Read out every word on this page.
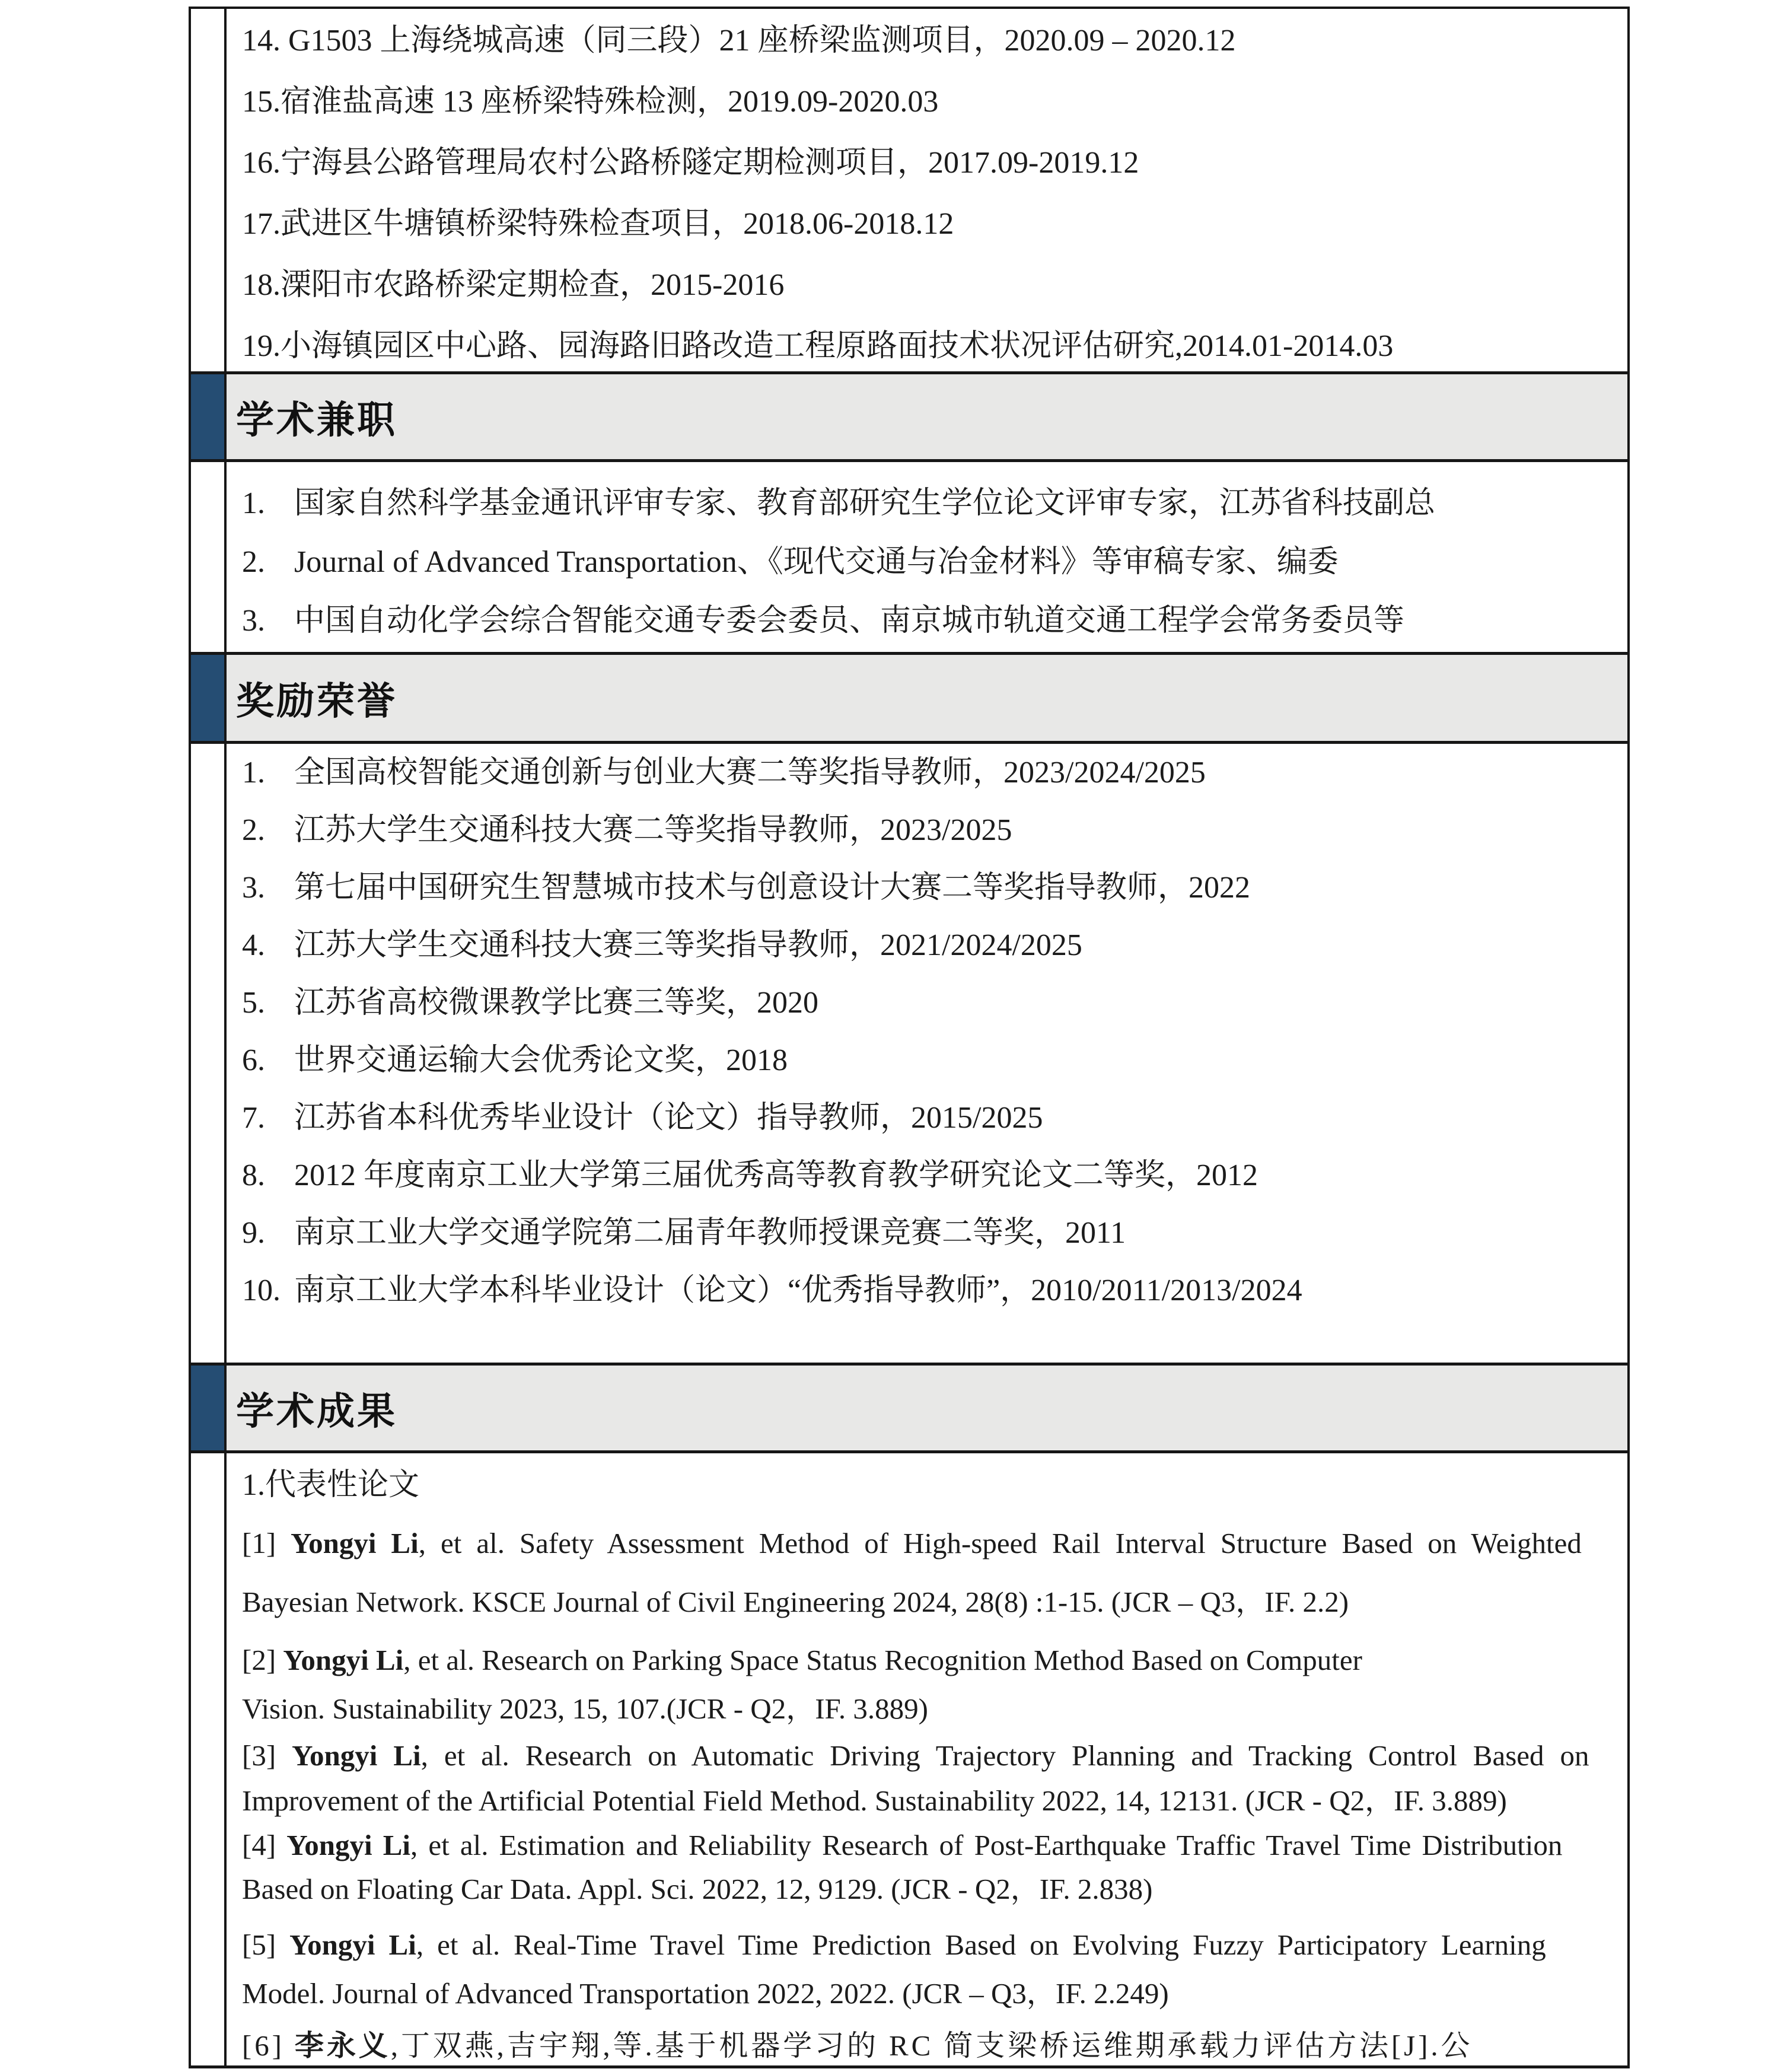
14. G1503 上海绕城高速（同三段）21 座桥梁监测项目，2020.09 – 2020.12
15.宿淮盐高速 13 座桥梁特殊检测，2019.09-2020.03
16.宁海县公路管理局农村公路桥隧定期检测项目，2017.09-2019.12
17.武进区牛塘镇桥梁特殊检查项目，2018.06-2018.12
18.溧阳市农路桥梁定期检查，2015-2016
19.小海镇园区中心路、园海路旧路改造工程原路面技术状况评估研究,2014.01-2014.03
学术兼职
1. 国家自然科学基金通讯评审专家、教育部研究生学位论文评审专家，江苏省科技副总
2. Journal of Advanced Transportation、《现代交通与冶金材料》等审稿专家、编委
3. 中国自动化学会综合智能交通专委会委员、南京城市轨道交通工程学会常务委员等
奖励荣誉
1. 全国高校智能交通创新与创业大赛二等奖指导教师，2023/2024/2025
2. 江苏大学生交通科技大赛二等奖指导教师，2023/2025
3. 第七届中国研究生智慧城市技术与创意设计大赛二等奖指导教师，2022
4. 江苏大学生交通科技大赛三等奖指导教师，2021/2024/2025
5. 江苏省高校微课教学比赛三等奖，2020
6. 世界交通运输大会优秀论文奖，2018
7. 江苏省本科优秀毕业设计（论文）指导教师，2015/2025
8. 2012 年度南京工业大学第三届优秀高等教育教学研究论文二等奖，2012
9. 南京工业大学交通学院第二届青年教师授课竞赛二等奖，2011
10. 南京工业大学本科毕业设计（论文）“优秀指导教师”，2010/2011/2013/2024
学术成果
1.代表性论文

[1] Yongyi Li, et al. Safety Assessment Method of High-speed Rail Interval Structure Based on Weighted
Bayesian Network. KSCE Journal of Civil Engineering 2024, 28(8) :1-15. (JCR – Q3，IF. 2.2)

[2] Yongyi Li, et al. Research on Parking Space Status Recognition Method Based on Computer
Vision. Sustainability 2023, 15, 107.(JCR - Q2，IF. 3.889)

[3] Yongyi Li, et al. Research on Automatic Driving Trajectory Planning and Tracking Control Based on
Improvement of the Artificial Potential Field Method. Sustainability 2022, 14, 12131. (JCR - Q2，IF. 3.889)

[4] Yongyi Li, et al. Estimation and Reliability Research of Post-Earthquake Traffic Travel Time Distribution
Based on Floating Car Data. Appl. Sci. 2022, 12, 9129. (JCR - Q2，IF. 2.838)

[5] Yongyi Li, et al. Real-Time Travel Time Prediction Based on Evolving Fuzzy Participatory Learning
Model. Journal of Advanced Transportation 2022, 2022. (JCR – Q3，IF. 2.249)

[6] 李永义,丁双燕,吉宇翔,等.基于机器学习的 RC 简支梁桥运维期承载力评估方法[J].公
